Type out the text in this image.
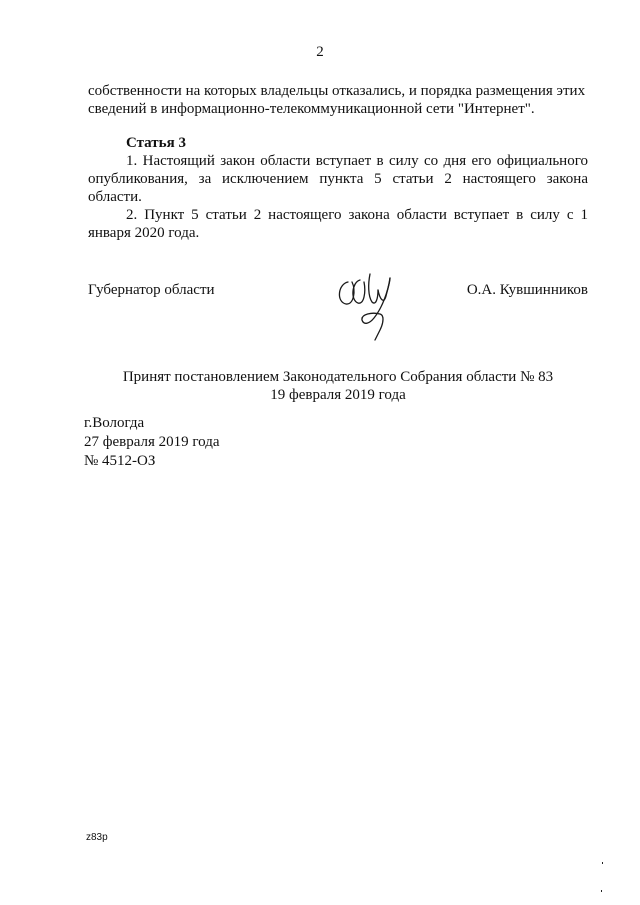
2

собственности на которых владельцы отказались, и порядка размещения этих

сведений в информационно-телекоммуникационной сети "Интернет".

Статья 3

1. Настоящий закон области вступает в силу со дня его официального опубликования, за исключением пункта 5 статьи 2 настоящего закона области.

2. Пункт 5 статьи 2 настоящего закона области вступает в силу с 1 января 2020 года.

Губернатор области	О.А. Кувшинников
Принят постановлением Законодательного Собрания области № 83
19 февраля 2019 года
г.Вологда
27 февраля 2019 года
№ 4512-ОЗ
z83p
